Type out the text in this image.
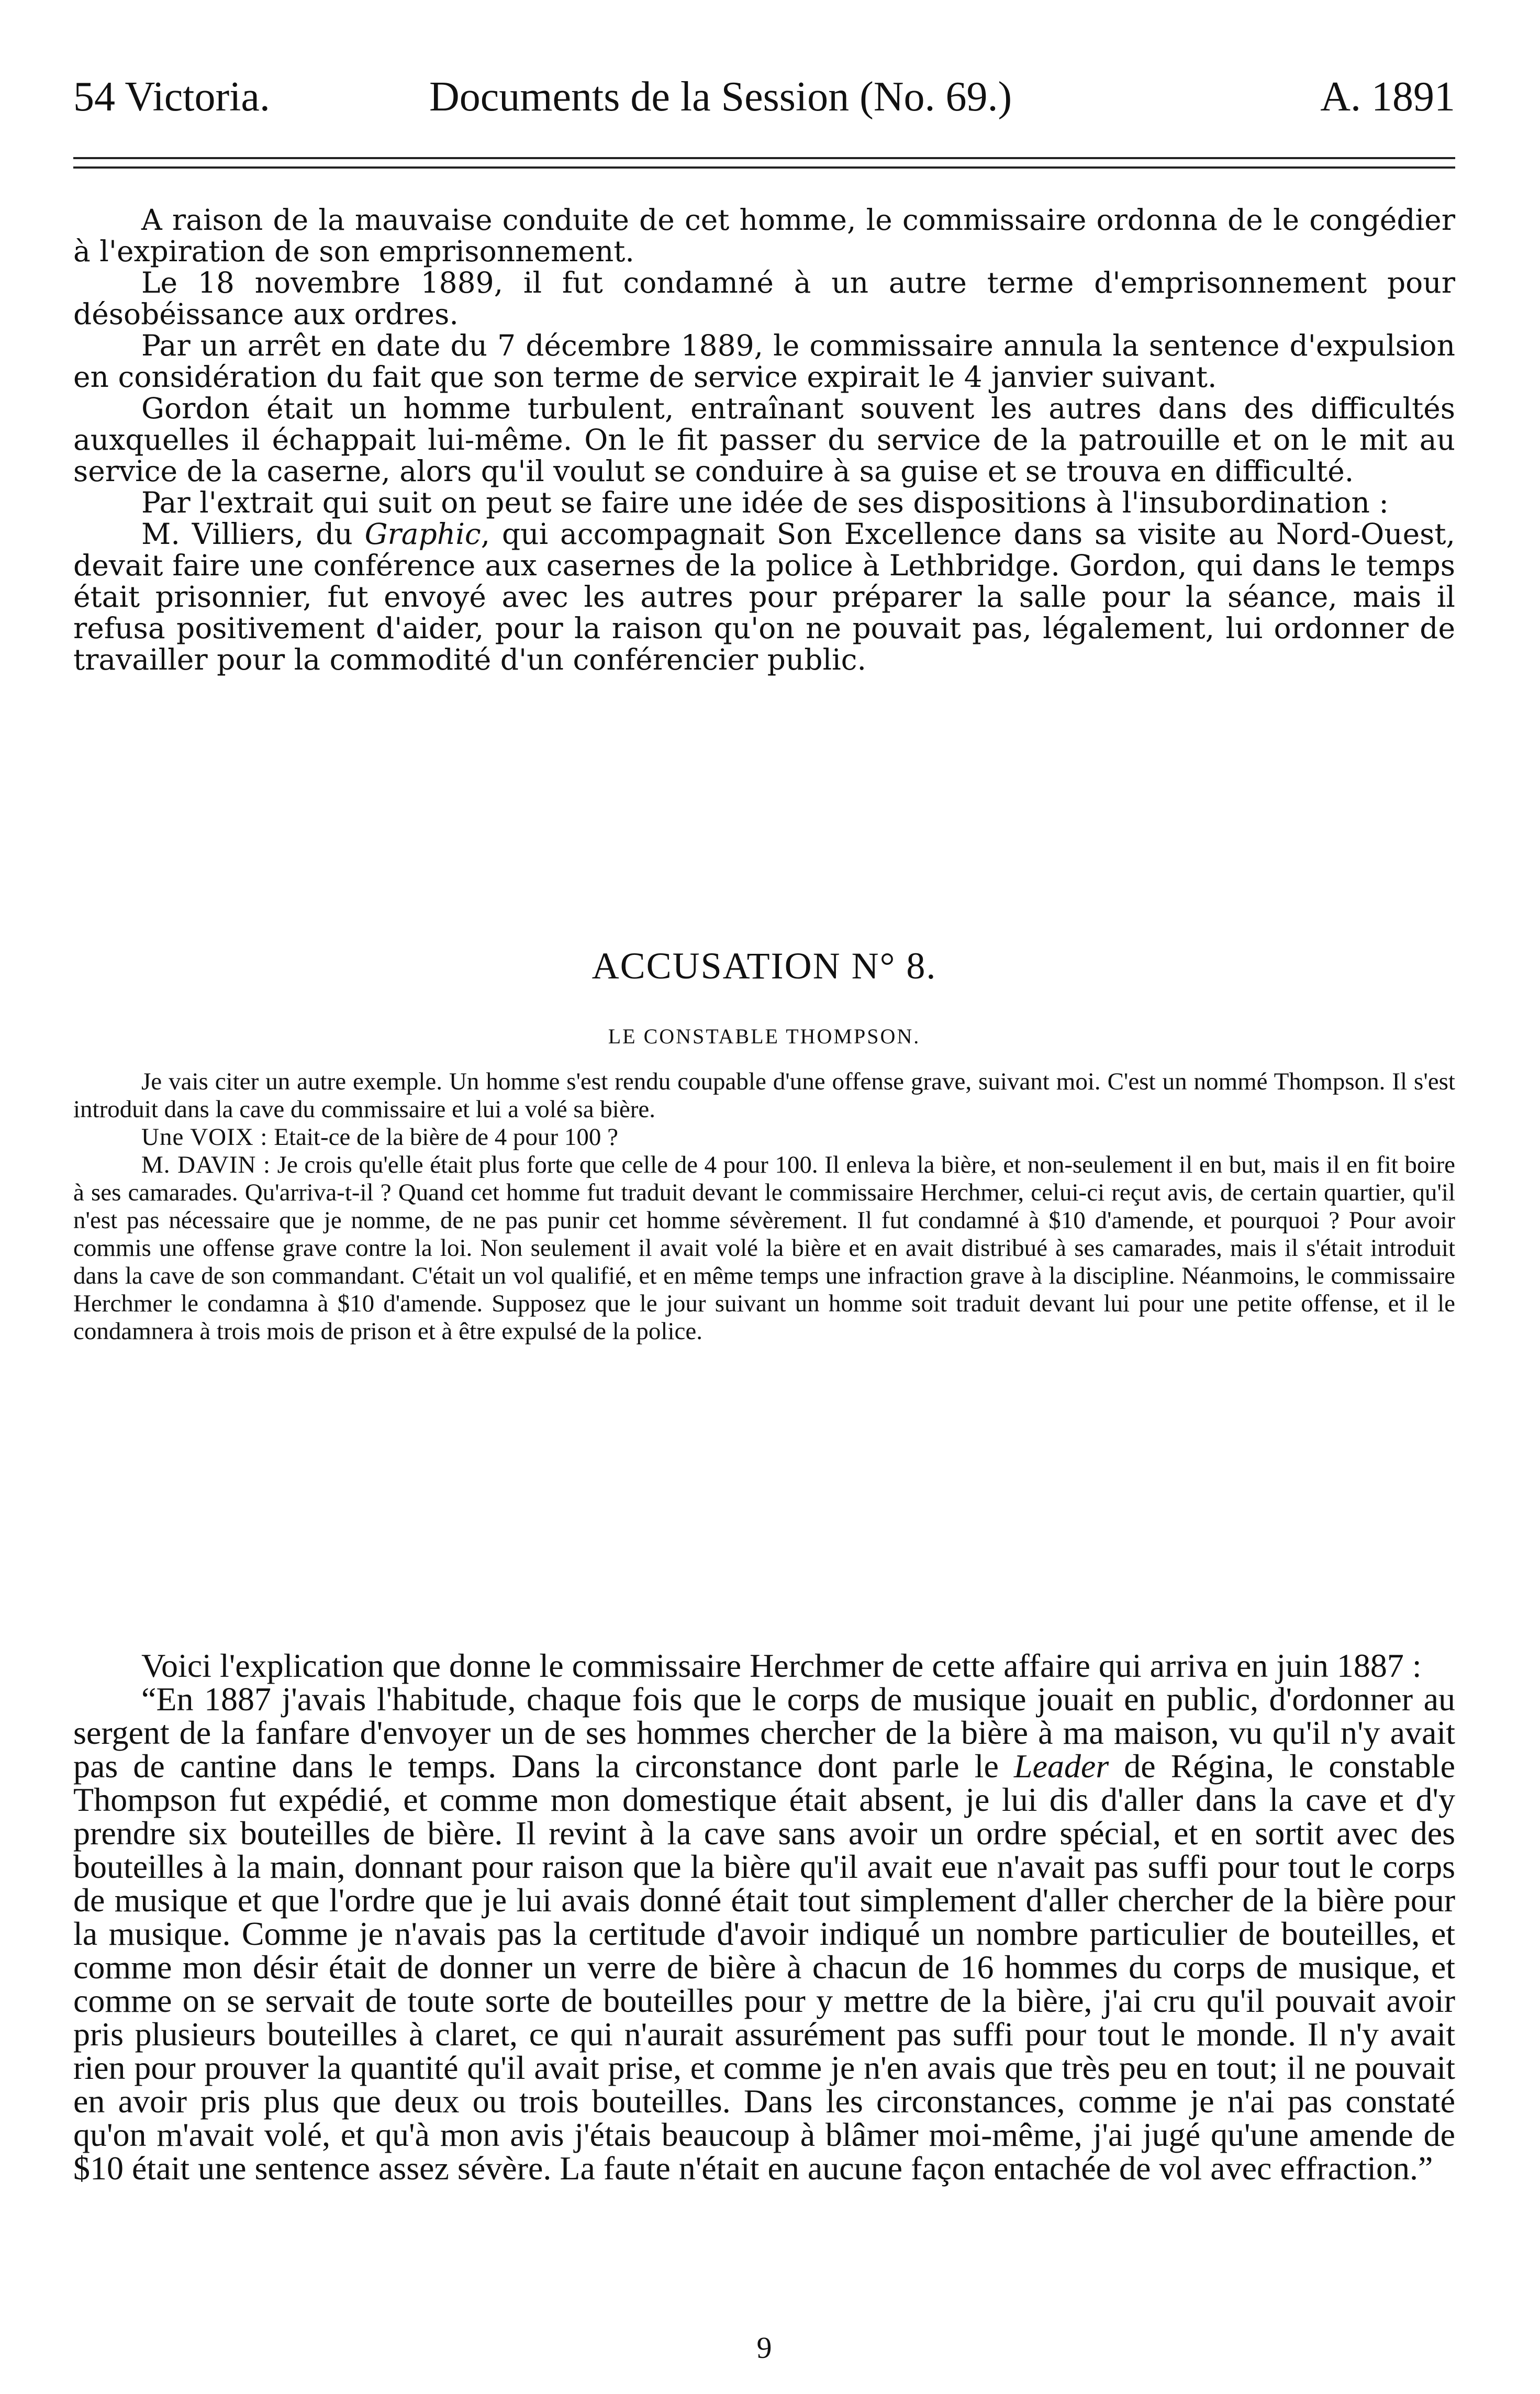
54 Victoria.	Documents de la Session (No. 69.)	A. 1891

A raison de la mauvaise conduite de cet homme, le commissaire ordonna de le congédier à l'expiration de son emprisonnement.

Le 18 novembre 1889, il fut condamné à un autre terme d'emprisonnement pour désobéissance aux ordres.

Par un arrêt en date du 7 décembre 1889, le commissaire annula la sentence d'expulsion en considération du fait que son terme de service expirait le 4 janvier suivant.

Gordon était un homme turbulent, entraînant souvent les autres dans des difficultés auxquelles il échappait lui-même. On le fit passer du service de la patrouille et on le mit au service de la caserne, alors qu'il voulut se conduire à sa guise et se trouva en difficulté.

Par l'extrait qui suit on peut se faire une idée de ses dispositions à l'insubordination :

M. Villiers, du Graphic, qui accompagnait Son Excellence dans sa visite au Nord-Ouest, devait faire une conférence aux casernes de la police à Lethbridge. Gordon, qui dans le temps était prisonnier, fut envoyé avec les autres pour préparer la salle pour la séance, mais il refusa positivement d'aider, pour la raison qu'on ne pouvait pas, légalement, lui ordonner de travailler pour la commodité d'un conférencier public.

ACCUSATION N° 8.
LE CONSTABLE THOMPSON.

Je vais citer un autre exemple. Un homme s'est rendu coupable d'une offense grave, suivant moi. C'est un nommé Thompson. Il s'est introduit dans la cave du commissaire et lui a volé sa bière.

Une VOIX : Etait-ce de la bière de 4 pour 100 ?

M. DAVIN : Je crois qu'elle était plus forte que celle de 4 pour 100. Il enleva la bière, et non-seulement il en but, mais il en fit boire à ses camarades. Qu'arriva-t-il ? Quand cet homme fut traduit devant le commissaire Herchmer, celui-ci reçut avis, de certain quartier, qu'il n'est pas nécessaire que je nomme, de ne pas punir cet homme sévèrement. Il fut condamné à $10 d'amende, et pourquoi ? Pour avoir commis une offense grave contre la loi. Non seulement il avait volé la bière et en avait distribué à ses camarades, mais il s'était introduit dans la cave de son commandant. C'était un vol qualifié, et en même temps une infraction grave à la discipline. Néanmoins, le commissaire Herchmer le condamna à $10 d'amende. Supposez que le jour suivant un homme soit traduit devant lui pour une petite offense, et il le condamnera à trois mois de prison et à être expulsé de la police.

Voici l'explication que donne le commissaire Herchmer de cette affaire qui arriva en juin 1887 :

“En 1887 j'avais l'habitude, chaque fois que le corps de musique jouait en public, d'ordonner au sergent de la fanfare d'envoyer un de ses hommes chercher de la bière à ma maison, vu qu'il n'y avait pas de cantine dans le temps. Dans la circonstance dont parle le Leader de Régina, le constable Thompson fut expédié, et comme mon domestique était absent, je lui dis d'aller dans la cave et d'y prendre six bouteilles de bière. Il revint à la cave sans avoir un ordre spécial, et en sortit avec des bouteilles à la main, donnant pour raison que la bière qu'il avait eue n'avait pas suffi pour tout le corps de musique et que l'ordre que je lui avais donné était tout simplement d'aller chercher de la bière pour la musique. Comme je n'avais pas la certitude d'avoir indiqué un nombre particulier de bouteilles, et comme mon désir était de donner un verre de bière à chacun de 16 hommes du corps de musique, et comme on se servait de toute sorte de bouteilles pour y mettre de la bière, j'ai cru qu'il pouvait avoir pris plusieurs bouteilles à claret, ce qui n'aurait assurément pas suffi pour tout le monde. Il n'y avait rien pour prouver la quantité qu'il avait prise, et comme je n'en avais que très peu en tout; il ne pouvait en avoir pris plus que deux ou trois bouteilles. Dans les circonstances, comme je n'ai pas constaté qu'on m'avait volé, et qu'à mon avis j'étais beaucoup à blâmer moi-même, j'ai jugé qu'une amende de $10 était une sentence assez sévère. La faute n'était en aucune façon entachée de vol avec effraction.”

9
